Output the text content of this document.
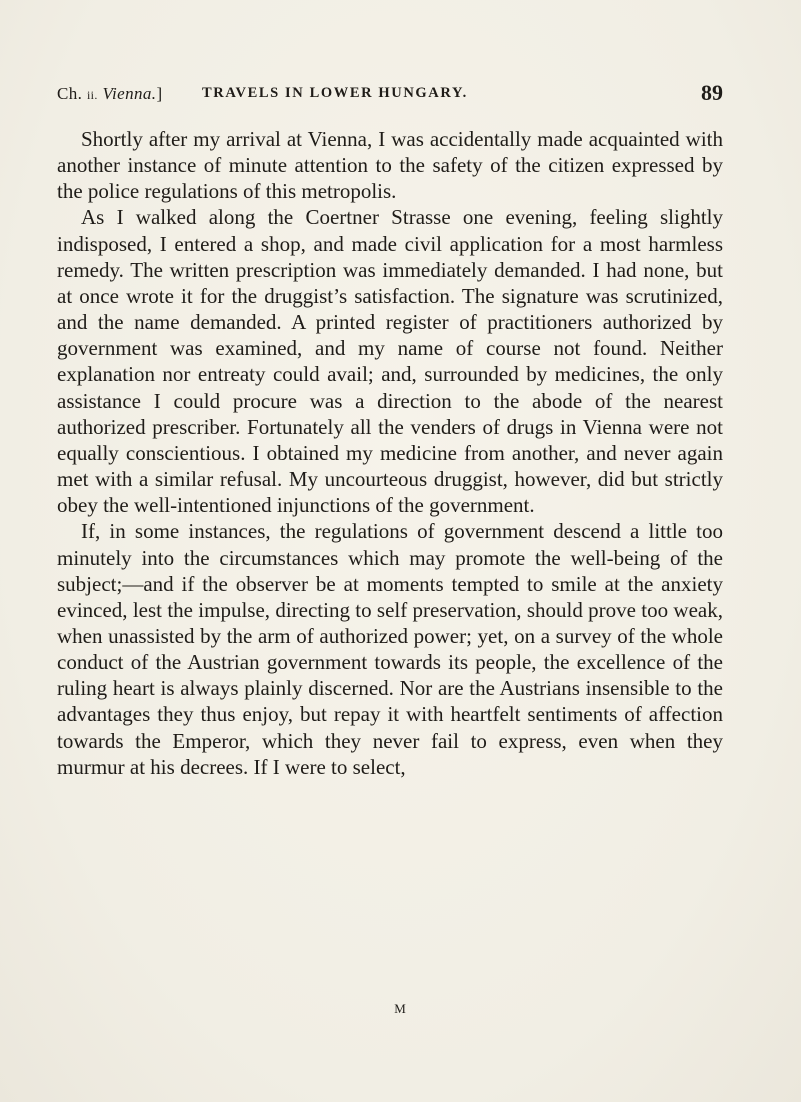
Ch. ii. Vienna.]	TRAVELS IN LOWER HUNGARY.	89

Shortly after my arrival at Vienna, I was accidentally made acquainted with another instance of minute attention to the safety of the citizen expressed by the police regulations of this metropolis.

As I walked along the Coertner Strasse one evening, feeling slightly indisposed, I entered a shop, and made civil application for a most harmless remedy. The written prescription was immediately demanded. I had none, but at once wrote it for the druggist’s satisfaction. The signature was scrutinized, and the name demanded. A printed register of practitioners authorized by government was examined, and my name of course not found. Neither explanation nor entreaty could avail; and, surrounded by medicines, the only assistance I could procure was a direction to the abode of the nearest authorized prescriber. Fortunately all the venders of drugs in Vienna were not equally conscientious. I obtained my medicine from another, and never again met with a similar refusal. My uncourteous druggist, however, did but strictly obey the well-intentioned injunctions of the government.

If, in some instances, the regulations of government descend a little too minutely into the circumstances which may promote the well-being of the subject;—and if the observer be at moments tempted to smile at the anxiety evinced, lest the impulse, directing to self preservation, should prove too weak, when unassisted by the arm of authorized power; yet, on a survey of the whole conduct of the Austrian government towards its people, the excellence of the ruling heart is always plainly discerned. Nor are the Austrians insensible to the advantages they thus enjoy, but repay it with heartfelt sentiments of affection towards the Emperor, which they never fail to express, even when they murmur at his decrees. If I were to select,

M
